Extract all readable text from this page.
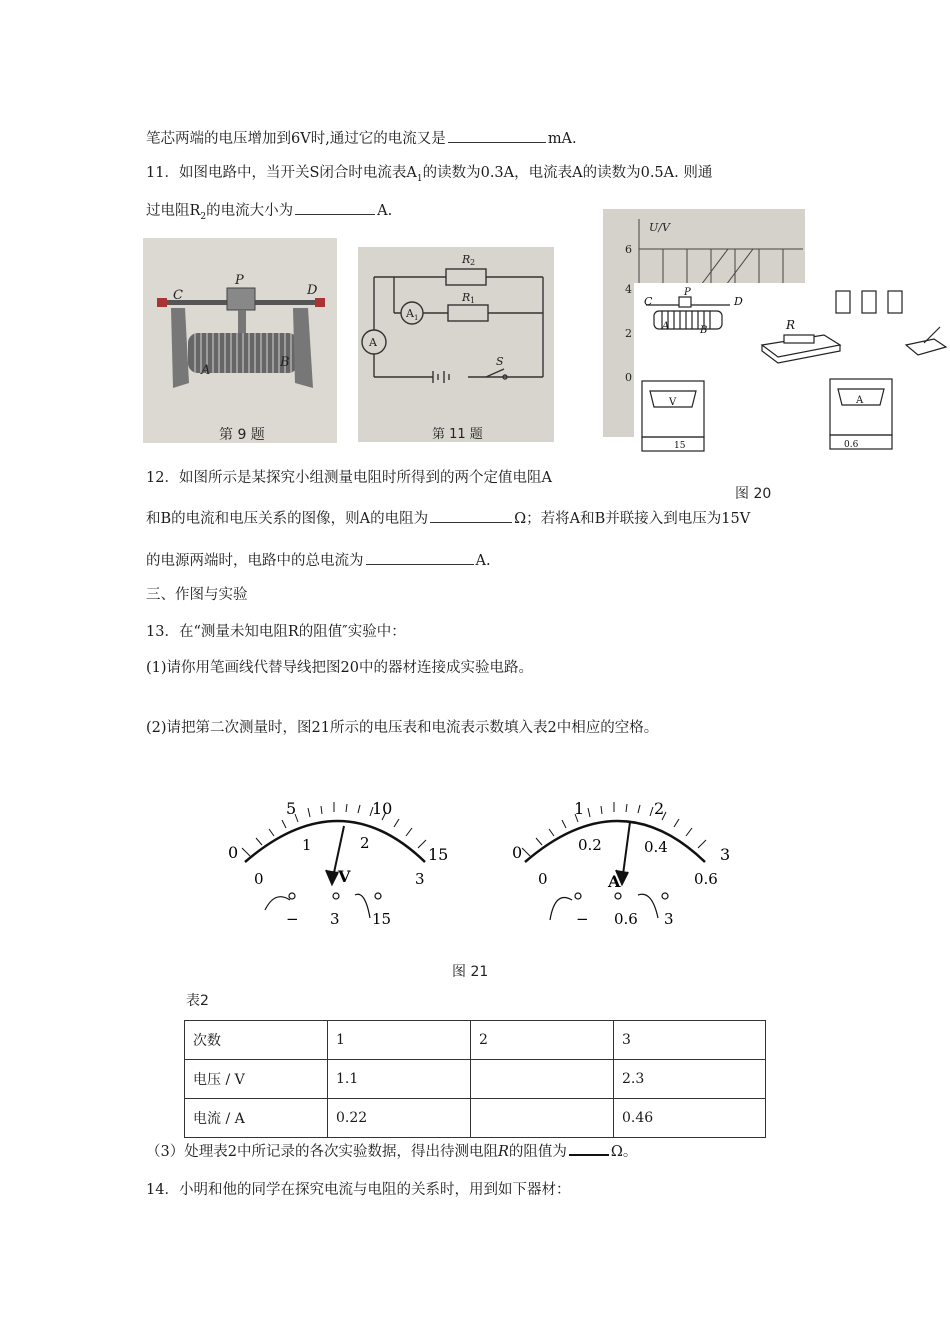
笔芯两端的电压增加到6V时,通过它的电流又是	mA.
11．如图电路中，当开关S闭合时电流表$A_1$的读数为0.3A，电流表A的读数为0.5A. 则通
过电阻$R_2$的电流大小为	A.
C
P
D
A
B
第 9 题
R 2
R 1
A 1
A
S
第 11 题
U/V
6
4
2
0
C
P
D
A	B	R
V	A
15	0.6
图 20
12．如图所示是某探究小组测量电阻时所得到的两个定值电阻A
和B的电流和电压关系的图像，则A的电阻为	Ω；若将A和B并联接入到电压为15V
的电源两端时，电路中的总电流为	A.
三、作图与实验
13．在“测量未知电阻R的阻值″实验中：
(1)请你用笔画线代替导线把图20中的器材连接成实验电路。
(2)请把第二次测量时，图21所示的电压表和电流表示数填入表2中相应的空格。
0
5	10
15
0
1	2
3
V
− 3 15
0
1	2
3
0
0.2	0.4
0.6
A
− 0.6 3
图 21
表2
次数	1	2	3
电压 / V	1.1		2.3
电流 / A	0.22		0.46
（3）处理表2中所记录的各次实验数据，得出待测电阻R的阻值为	Ω。
14．小明和他的同学在探究电流与电阻的关系时，用到如下器材：
